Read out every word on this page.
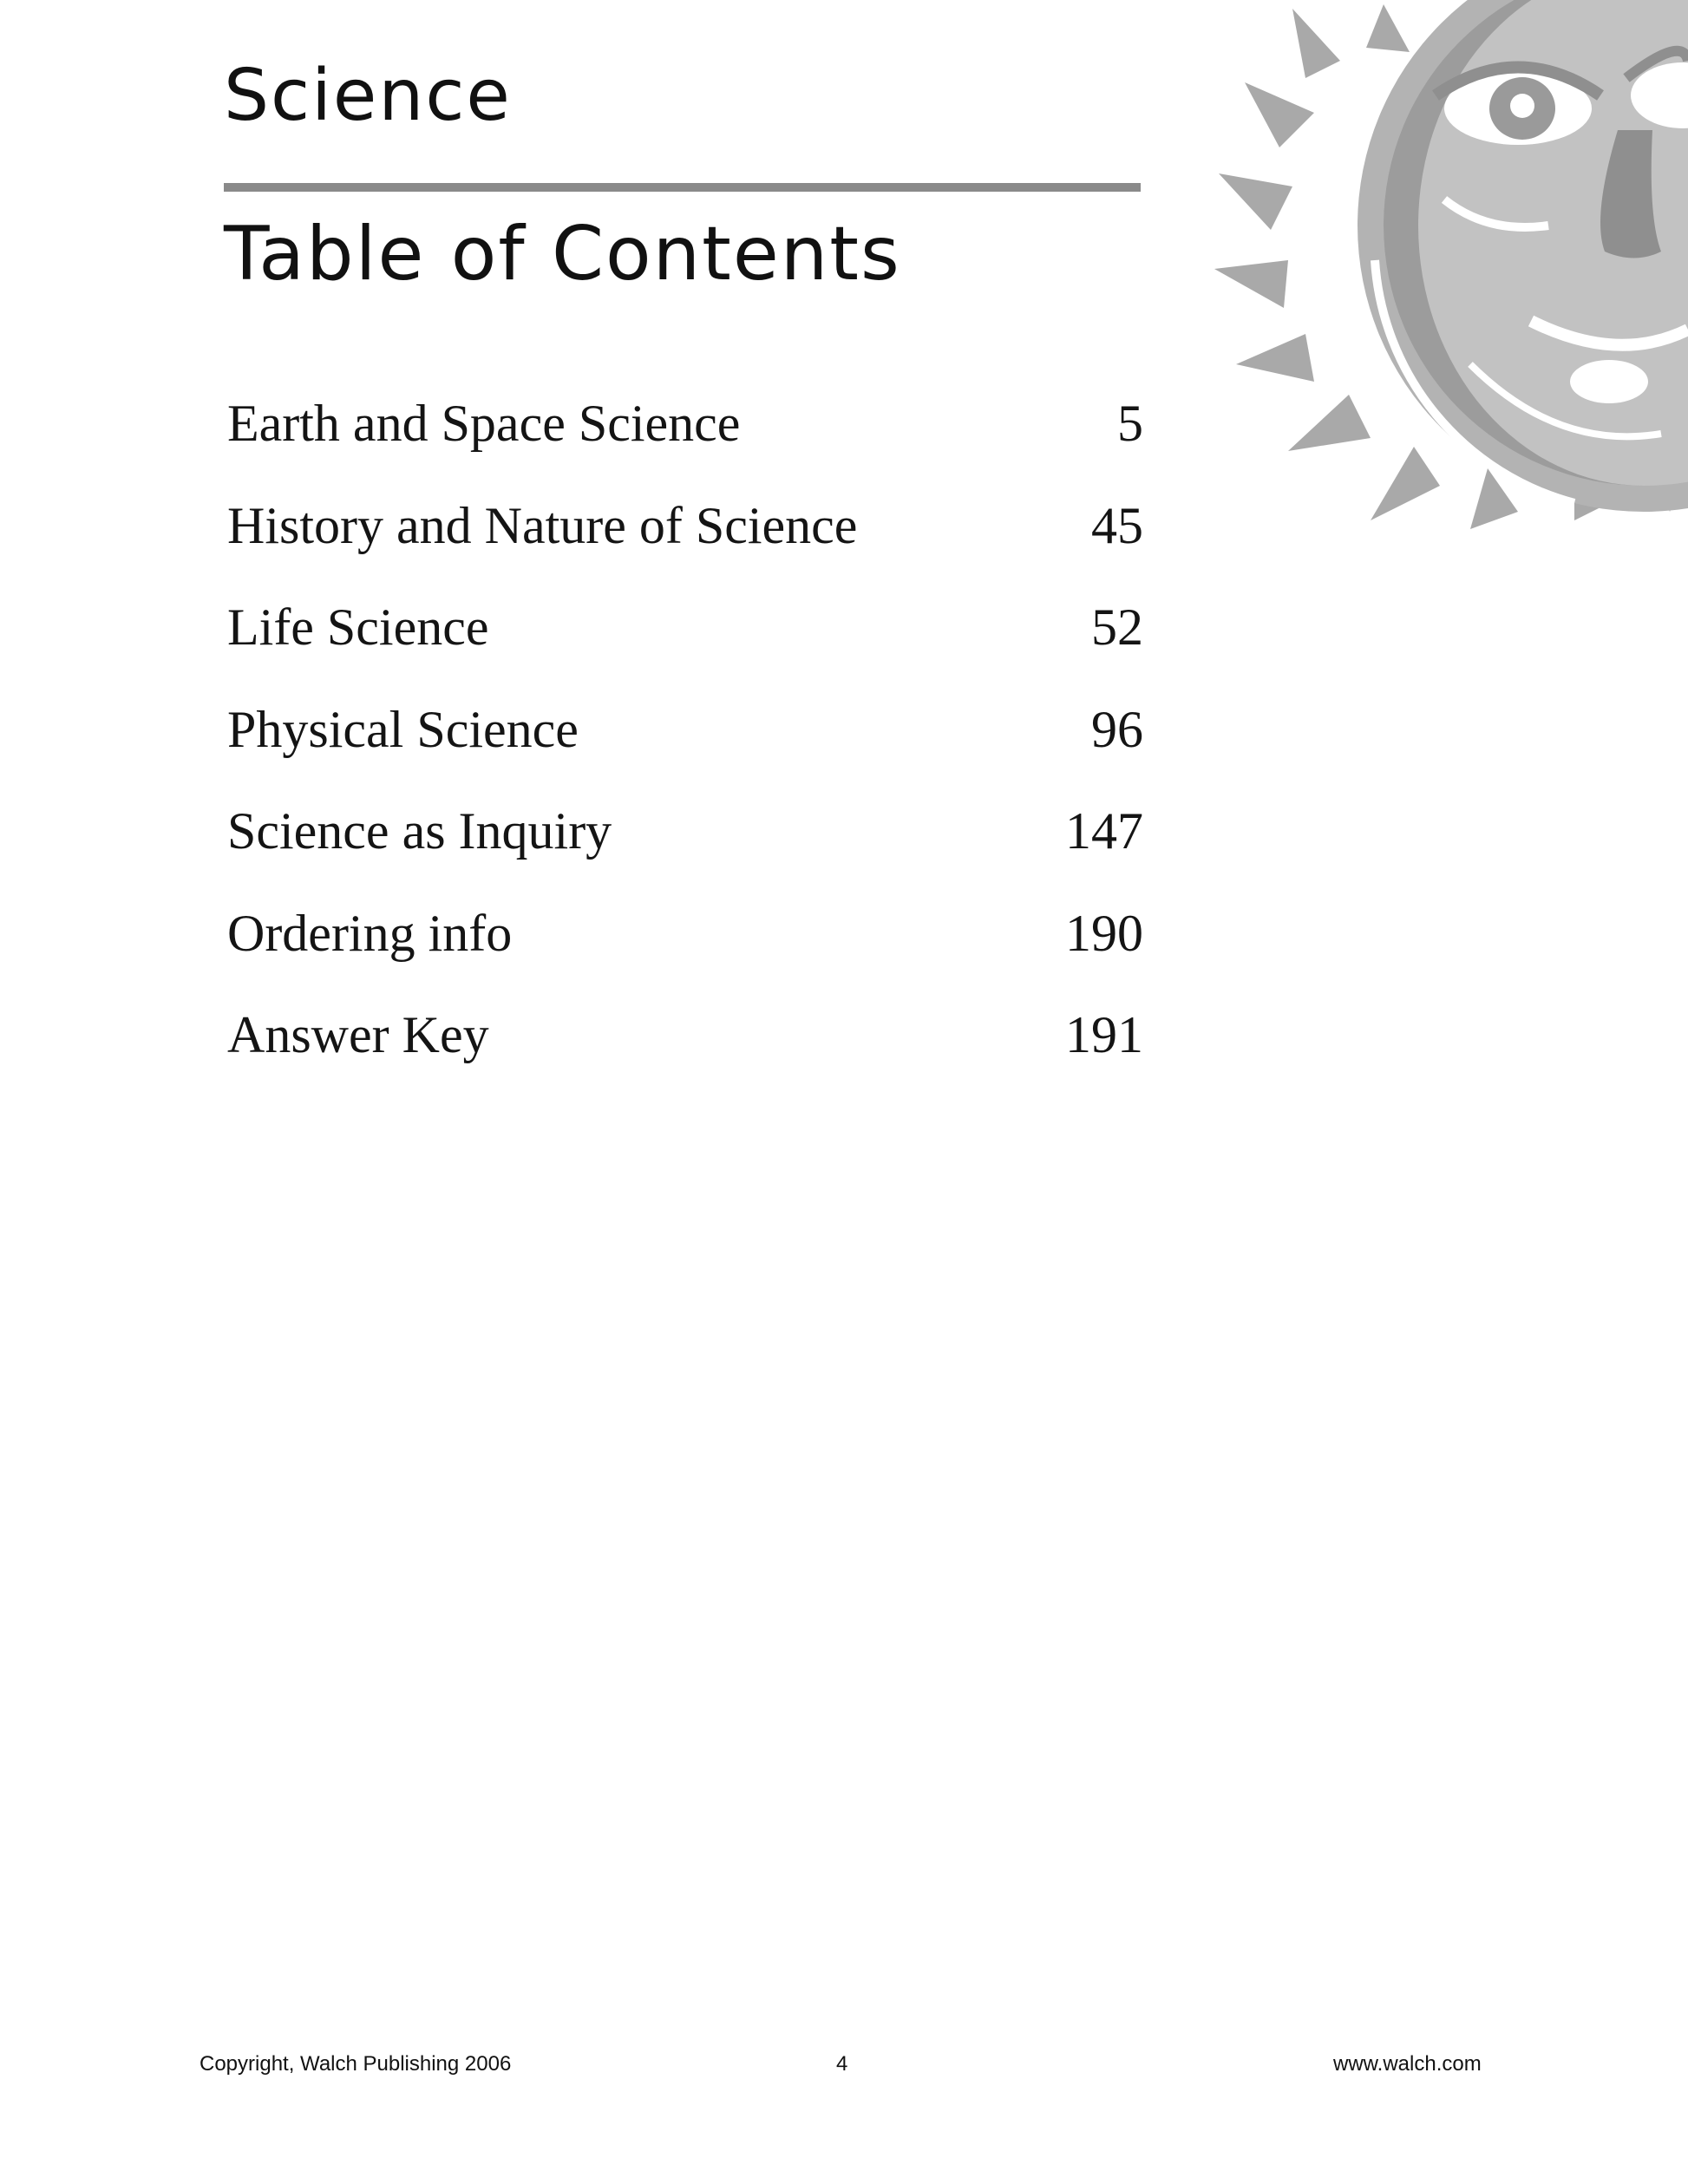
Science
Table of Contents
Earth and Space Science	5
History and Nature of Science	45
Life Science	52
Physical Science	96
Science as Inquiry	147
Ordering info	190
Answer Key	191
Copyright, Walch Publishing 2006	4	www.walch.com
